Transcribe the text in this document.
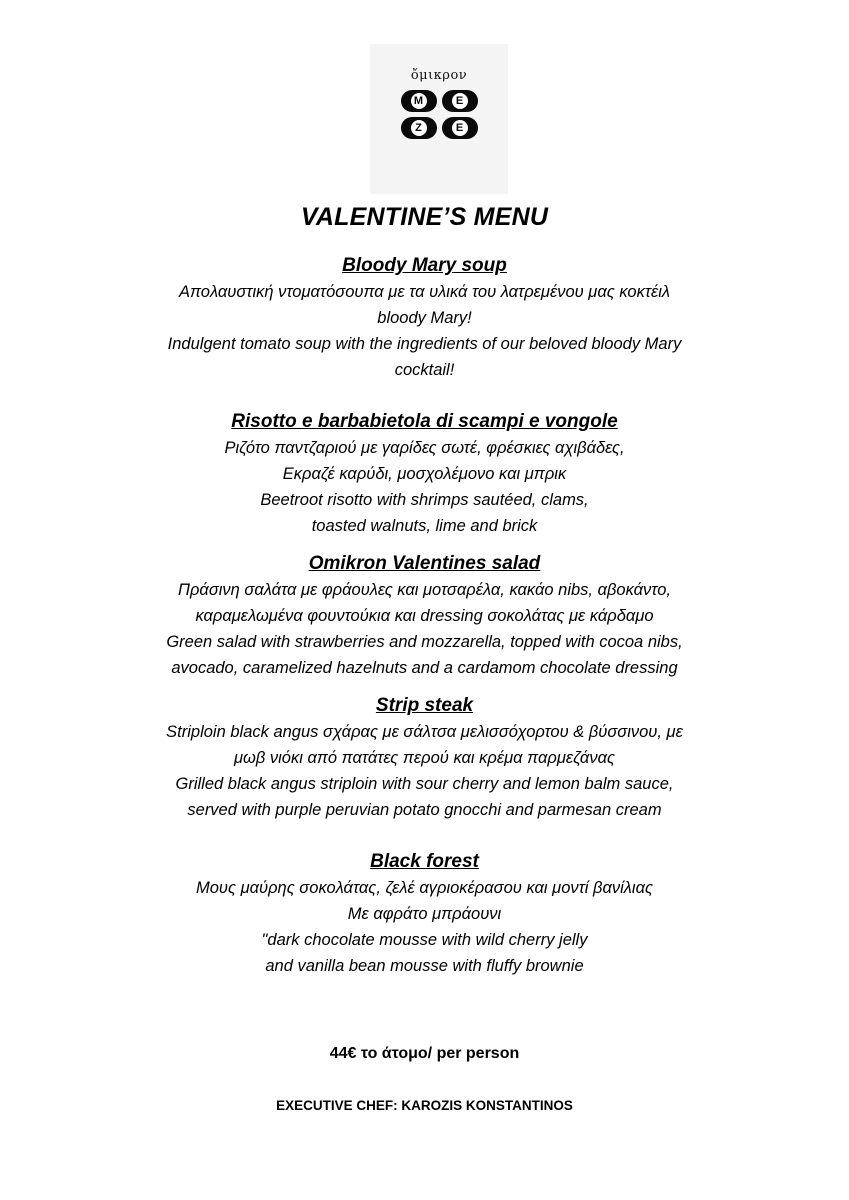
ὄμικρον
M	E
Z	E
VALENTINE’S MENU
Bloody Mary soup
Απολαυστική ντοματόσουπα με τα υλικά του λατρεμένου μας κοκτέιλ
bloody Mary!
Indulgent tomato soup with the ingredients of our beloved bloody Mary
cocktail!
Risotto e barbabietola di scampi e vongole
Ριζότο παντζαριού με γαρίδες σωτέ, φρέσκιες αχιβάδες,
Εκραζέ καρύδι, μοσχολέμονο και μπρικ
Beetroot risotto with shrimps sautéed, clams,
toasted walnuts, lime and brick
Omikron Valentines salad
Πράσινη σαλάτα με φράουλες και μοτσαρέλα, κακάο nibs, αβοκάντο,
καραμελωμένα φουντούκια και dressing σοκολάτας με κάρδαμο
Green salad with strawberries and mozzarella, topped with cocoa nibs,
avocado, caramelized hazelnuts and a cardamom chocolate dressing
Strip steak
Striploin black angus σχάρας με σάλτσα μελισσόχορτου & βύσσινου, με
μωβ νιόκι από πατάτες περού και κρέμα παρμεζάνας
Grilled black angus striploin with sour cherry and lemon balm sauce,
served with purple peruvian potato gnocchi and parmesan cream
Black forest
Μους μαύρης σοκολάτας, ζελέ αγριοκέρασου και μοντί βανίλιας
Με αφράτο μπράουνι
"dark chocolate mousse with wild cherry jelly
and vanilla bean mousse with fluffy brownie
44€ το άτομο/ per person
EXECUTIVE CHEF: KAROZIS KONSTANTINOS
